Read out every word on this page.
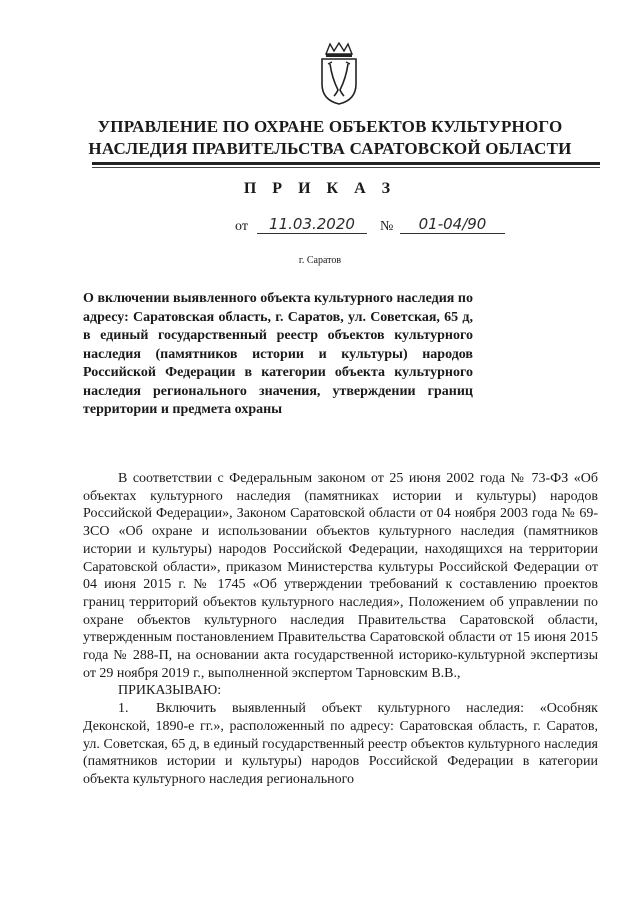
УПРАВЛЕНИЕ ПО ОХРАНЕ ОБЪЕКТОВ КУЛЬТУРНОГО
НАСЛЕДИЯ ПРАВИТЕЛЬСТВА САРАТОВСКОЙ ОБЛАСТИ
П Р И К А З
от	11.03.2020	№	01-04/90
г. Саратов
О включении выявленного объекта культурного наследия по адресу: Саратовская область, г. Саратов, ул. Советская, 65 д, в единый государственный реестр объектов культурного наследия (памятников истории и культуры) народов Российской Федерации в категории объекта культурного наследия регионального значения, утверждении границ территории и предмета охраны

В соответствии с Федеральным законом от 25 июня 2002 года № 73-ФЗ «Об объектах культурного наследия (памятниках истории и культуры) народов Российской Федерации», Законом Саратовской области от 04 ноября 2003 года № 69-ЗСО «Об охране и использовании объектов культурного наследия (памятников истории и культуры) народов Российской Федерации, находящихся на территории Саратовской области», приказом Министерства культуры Российской Федерации от 04 июня 2015 г. № 1745 «Об утверждении требований к составлению проектов границ территорий объектов культурного наследия», Положением об управлении по охране объектов культурного наследия Правительства Саратовской области, утвержденным постановлением Правительства Саратовской области от 15 июня 2015 года № 288-П, на основании акта государственной историко-культурной экспертизы от 29 ноября 2019 г., выполненной экспертом Тарновским В.В.,

ПРИКАЗЫВАЮ:

1. Включить выявленный объект культурного наследия: «Особняк Деконской, 1890-е гг.», расположенный по адресу: Саратовская область, г. Саратов, ул. Советская, 65 д, в единый государственный реестр объектов культурного наследия (памятников истории и культуры) народов Российской Федерации в категории объекта культурного наследия регионального
